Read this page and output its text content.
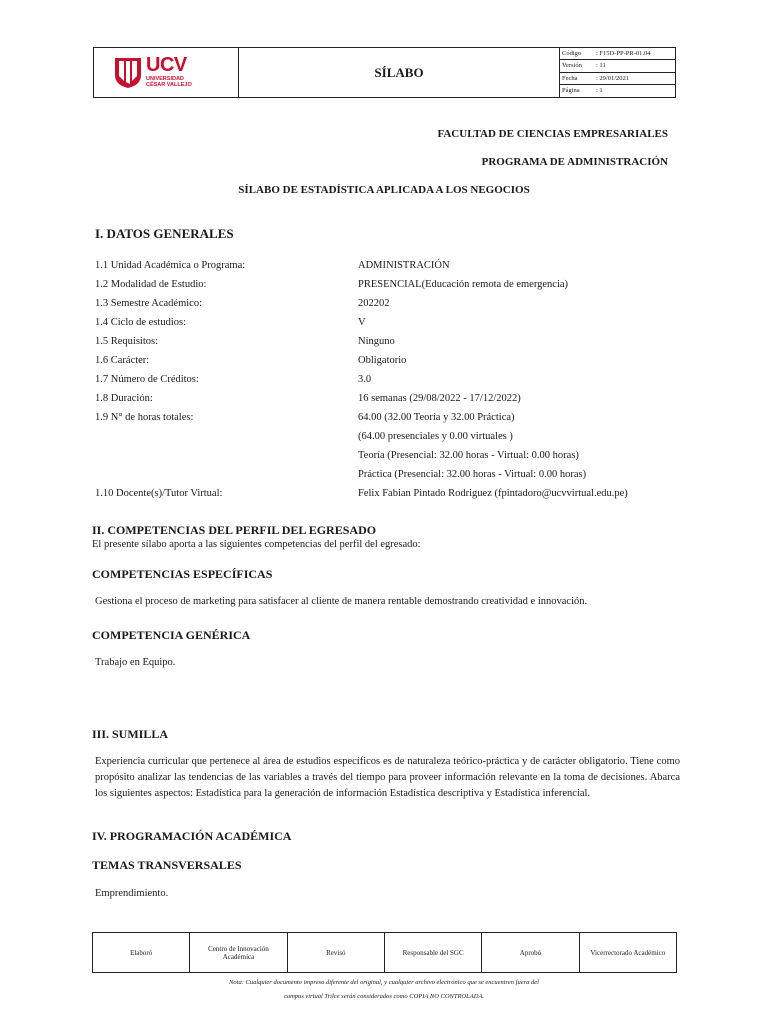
UCV
UNIVERSIDAD
CÉSAR VALLEJO
SÍLABO
Código	: F15D-PP-PR-01.04
Versión	: 11
Fecha	: 29/01/2021
Página	: 1
FACULTAD DE CIENCIAS EMPRESARIALES
PROGRAMA DE ADMINISTRACIÓN
SÍLABO DE ESTADÍSTICA APLICADA A LOS NEGOCIOS
I. DATOS GENERALES
1.1 Unidad Académica o Programa:	ADMINISTRACIÓN
1.2 Modalidad de Estudio:	PRESENCIAL(Educación remota de emergencia)
1.3 Semestre Académico:	202202
1.4 Ciclo de estudios:	V
1.5 Requisitos:	Ninguno
1.6 Carácter:	Obligatorio
1.7 Número de Créditos:	3.0
1.8 Duración:	16 semanas (29/08/2022 - 17/12/2022)
1.9 N° de horas totales:	64.00 (32.00 Teoría y 32.00 Práctica)
(64.00 presenciales y 0.00 virtuales )
Teoría (Presencial: 32.00 horas - Virtual: 0.00 horas)
Práctica (Presencial: 32.00 horas - Virtual: 0.00 horas)
1.10 Docente(s)/Tutor Virtual:	Felix Fabian Pintado Rodriguez (fpintadoro@ucvvirtual.edu.pe)
II. COMPETENCIAS DEL PERFIL DEL EGRESADO
El presente sílabo aporta a las siguientes competencias del perfil del egresado:
COMPETENCIAS ESPECÍFICAS
Gestiona el proceso de marketing para satisfacer al cliente de manera rentable demostrando creatividad e innovación.
COMPETENCIA GENÉRICA
Trabajo en Equipo.
III. SUMILLA
Experiencia curricular que pertenece al área de estudios específicos es de naturaleza teórico-práctica y de carácter obligatorio. Tiene como propósito analizar las tendencias de las variables a través del tiempo para proveer información relevante en la toma de decisiones. Abarca los siguientes aspectos: Estadística para la generación de información Estadística descriptiva y Estadística inferencial.
IV. PROGRAMACIÓN ACADÉMICA
TEMAS TRANSVERSALES
Emprendimiento.
Elaboró	Centro de Innovación Académica	Revisó	Responsable del SGC	Aprobó	Vicerrectorado Académico
Nota: Cualquier documento impreso diferente del original, y cualquier archivo electrónico que se encuentren fuera del
campus virtual Trilce serán considerados como COPIA NO CONTROLADA.
